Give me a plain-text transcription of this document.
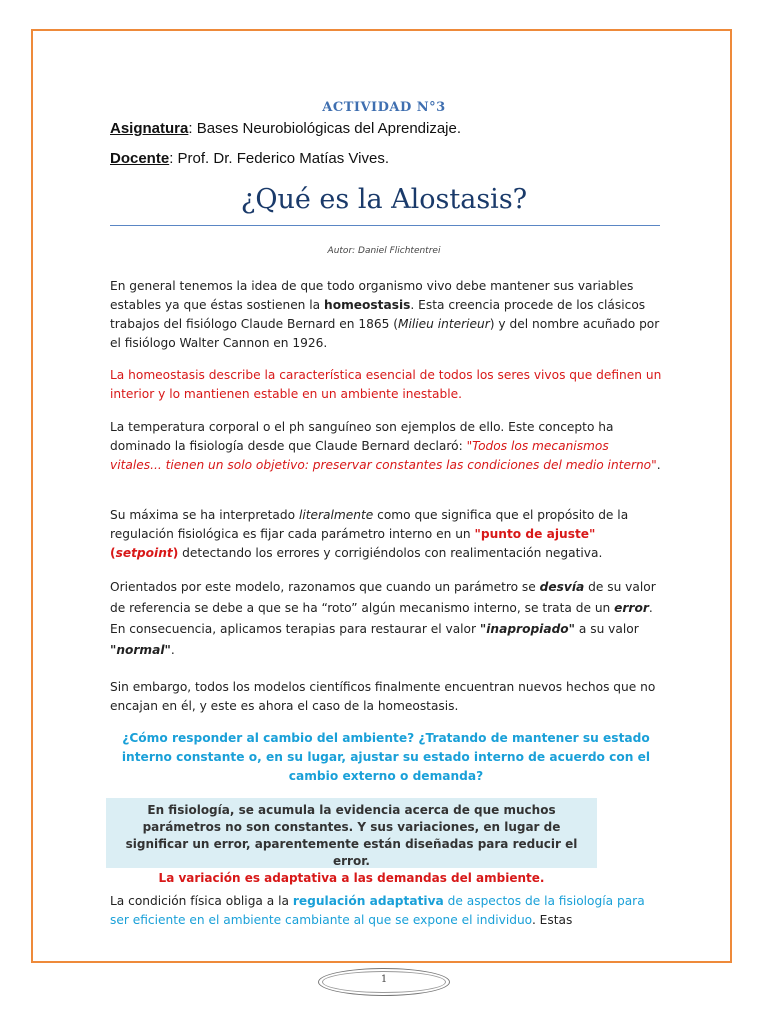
ACTIVIDAD N°3
Asignatura: Bases Neurobiológicas del Aprendizaje.
Docente: Prof. Dr. Federico Matías Vives.
¿Qué es la Alostasis?
Autor: Daniel Flichtentrei

En general tenemos la idea de que todo organismo vivo debe mantener sus variables estables ya que éstas sostienen la homeostasis. Esta creencia procede de los clásicos trabajos del fisiólogo Claude Bernard en 1865 (Milieu interieur) y del nombre acuñado por el fisiólogo Walter Cannon en 1926.

La homeostasis describe la característica esencial de todos los seres vivos que definen un interior y lo mantienen estable en un ambiente inestable.

La temperatura corporal o el ph sanguíneo son ejemplos de ello. Este concepto ha dominado la fisiología desde que Claude Bernard declaró: "Todos los mecanismos vitales... tienen un solo objetivo: preservar constantes las condiciones del medio interno".

Su máxima se ha interpretado literalmente como que significa que el propósito de la regulación fisiológica es fijar cada parámetro interno en un "punto de ajuste" (setpoint) detectando los errores y corrigiéndolos con realimentación negativa.

Orientados por este modelo, razonamos que cuando un parámetro se desvía de su valor de referencia se debe a que se ha “roto” algún mecanismo interno, se trata de un error. En consecuencia, aplicamos terapias para restaurar el valor "inapropiado" a su valor "normal".

Sin embargo, todos los modelos científicos finalmente encuentran nuevos hechos que no encajan en él, y este es ahora el caso de la homeostasis.

¿Cómo responder al cambio del ambiente? ¿Tratando de mantener su estado interno constante o, en su lugar, ajustar su estado interno de acuerdo con el cambio externo o demanda?

En fisiología, se acumula la evidencia acerca de que muchos parámetros no son constantes. Y sus variaciones, en lugar de significar un error, aparentemente están diseñadas para reducir el error.

La variación es adaptativa a las demandas del ambiente.

La condición física obliga a la regulación adaptativa de aspectos de la fisiología para ser eficiente en el ambiente cambiante al que se expone el individuo. Estas

1
